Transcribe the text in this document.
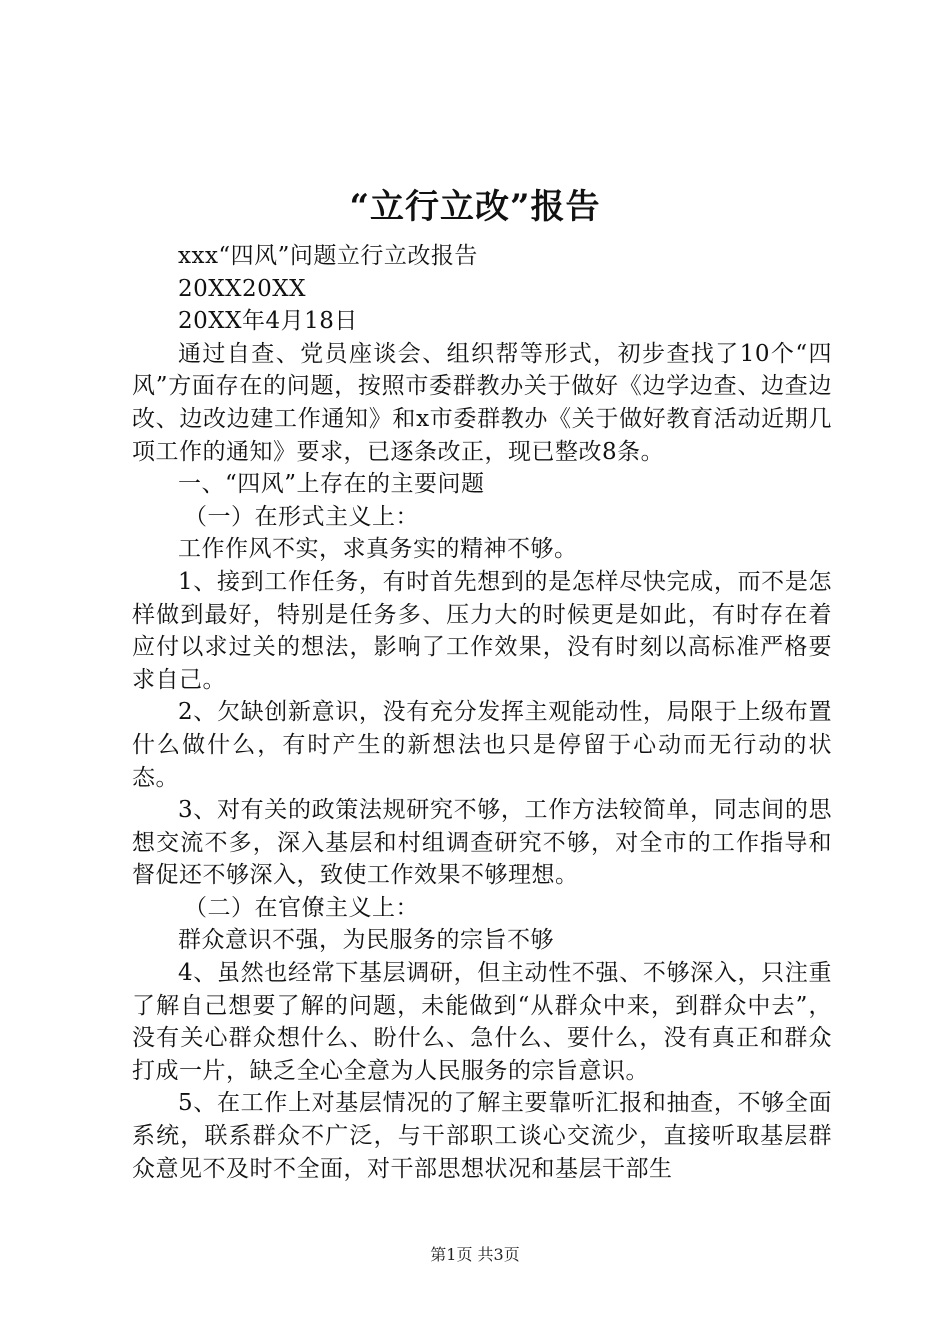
“立行立改”报告

xxx“四风”问题立行立改报告

20XX20XX

20XX年4月18日

通过自查、党员座谈会、组织帮等形式，初步查找了10个“四风”方面存在的问题，按照市委群教办关于做好《边学边查、边查边改、边改边建工作通知》和x市委群教办《关于做好教育活动近期几项工作的通知》要求，已逐条改正，现已整改8条。

一、“四风”上存在的主要问题

（一）在形式主义上：

工作作风不实，求真务实的精神不够。

1、接到工作任务，有时首先想到的是怎样尽快完成，而不是怎样做到最好，特别是任务多、压力大的时候更是如此，有时存在着应付以求过关的想法，影响了工作效果，没有时刻以高标准严格要求自己。

2、欠缺创新意识，没有充分发挥主观能动性，局限于上级布置什么做什么，有时产生的新想法也只是停留于心动而无行动的状态。

3、对有关的政策法规研究不够，工作方法较简单，同志间的思想交流不多，深入基层和村组调查研究不够，对全市的工作指导和督促还不够深入，致使工作效果不够理想。

（二）在官僚主义上：

群众意识不强，为民服务的宗旨不够

4、虽然也经常下基层调研，但主动性不强、不够深入，只注重了解自己想要了解的问题，未能做到“从群众中来，到群众中去”，没有关心群众想什么、盼什么、急什么、要什么，没有真正和群众打成一片，缺乏全心全意为人民服务的宗旨意识。

5、在工作上对基层情况的了解主要靠听汇报和抽查，不够全面系统，联系群众不广泛，与干部职工谈心交流少，直接听取基层群众意见不及时不全面，对干部思想状况和基层干部生

第1页 共3页
